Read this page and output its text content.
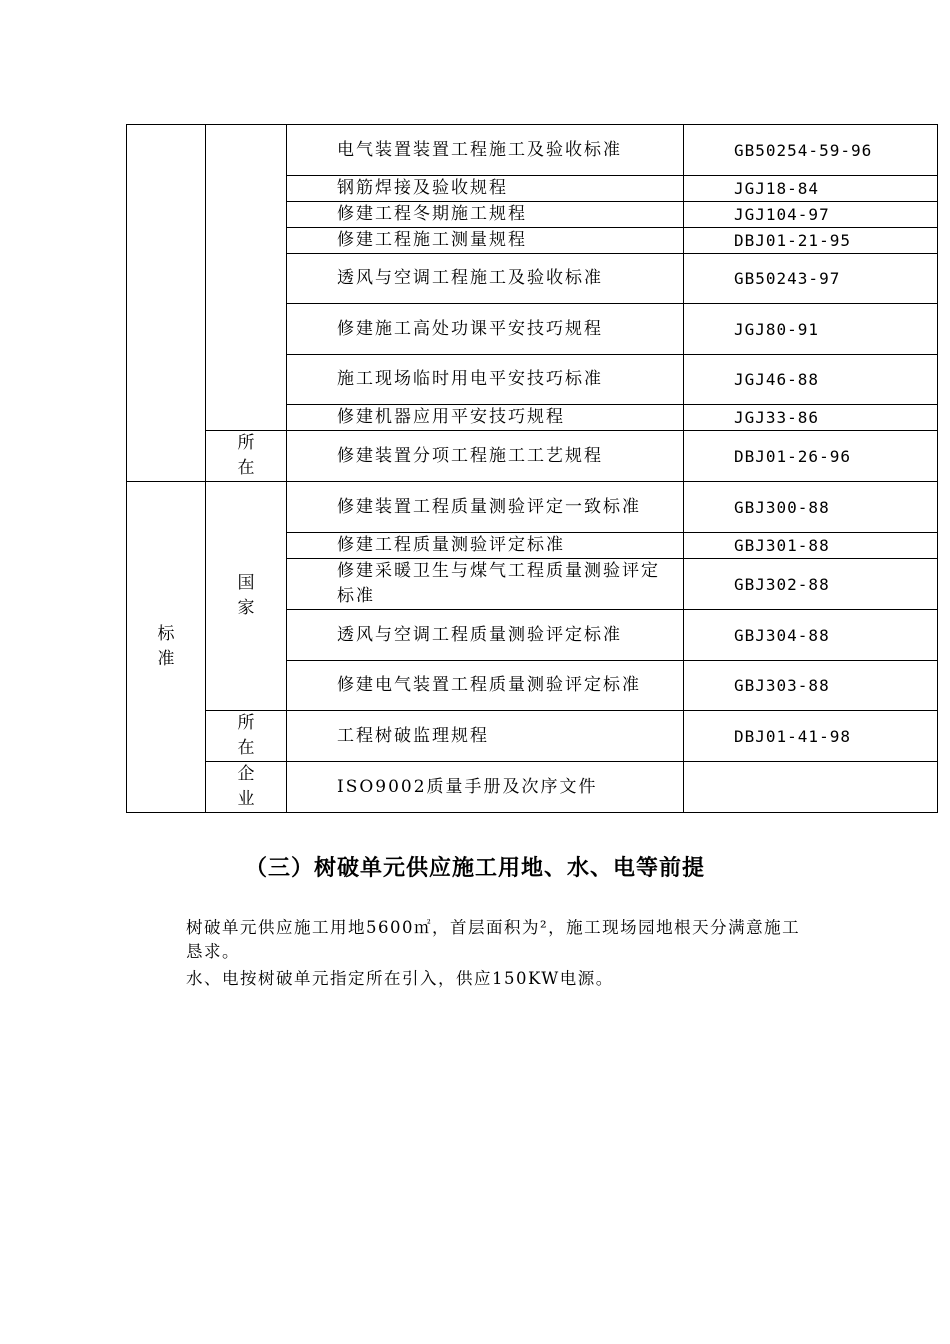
		电气装置装置工程施工及验收标准	GB50254-59-96
		钢筋焊接及验收规程	JGJ18-84
		修建工程冬期施工规程	JGJ104-97
		修建工程施工测量规程	DBJ01-21-95
		透风与空调工程施工及验收标准	GB50243-97
		修建施工高处功课平安技巧规程	JGJ80-91
		施工现场临时用电平安技巧标准	JGJ46-88
		修建机器应用平安技巧规程	JGJ33-86
	所在	修建装置分项工程施工工艺规程	DBJ01-26-96
标准	国家	修建装置工程质量测验评定一致标准	GBJ300-88
		修建工程质量测验评定标准	GBJ301-88
		修建采暖卫生与煤气工程质量测验评定标准	GBJ302-88
		透风与空调工程质量测验评定标准	GBJ304-88
		修建电气装置工程质量测验评定标准	GBJ303-88
	所在	工程树破监理规程	DBJ01-41-98
	企业	ISO9002质量手册及次序文件	
（三）树破单元供应施工用地、水、电等前提
树破单元供应施工用地5600㎡，首层面积为²，施工现场园地根天分满意施工恳求。
水、电按树破单元指定所在引入，供应150KW电源。
